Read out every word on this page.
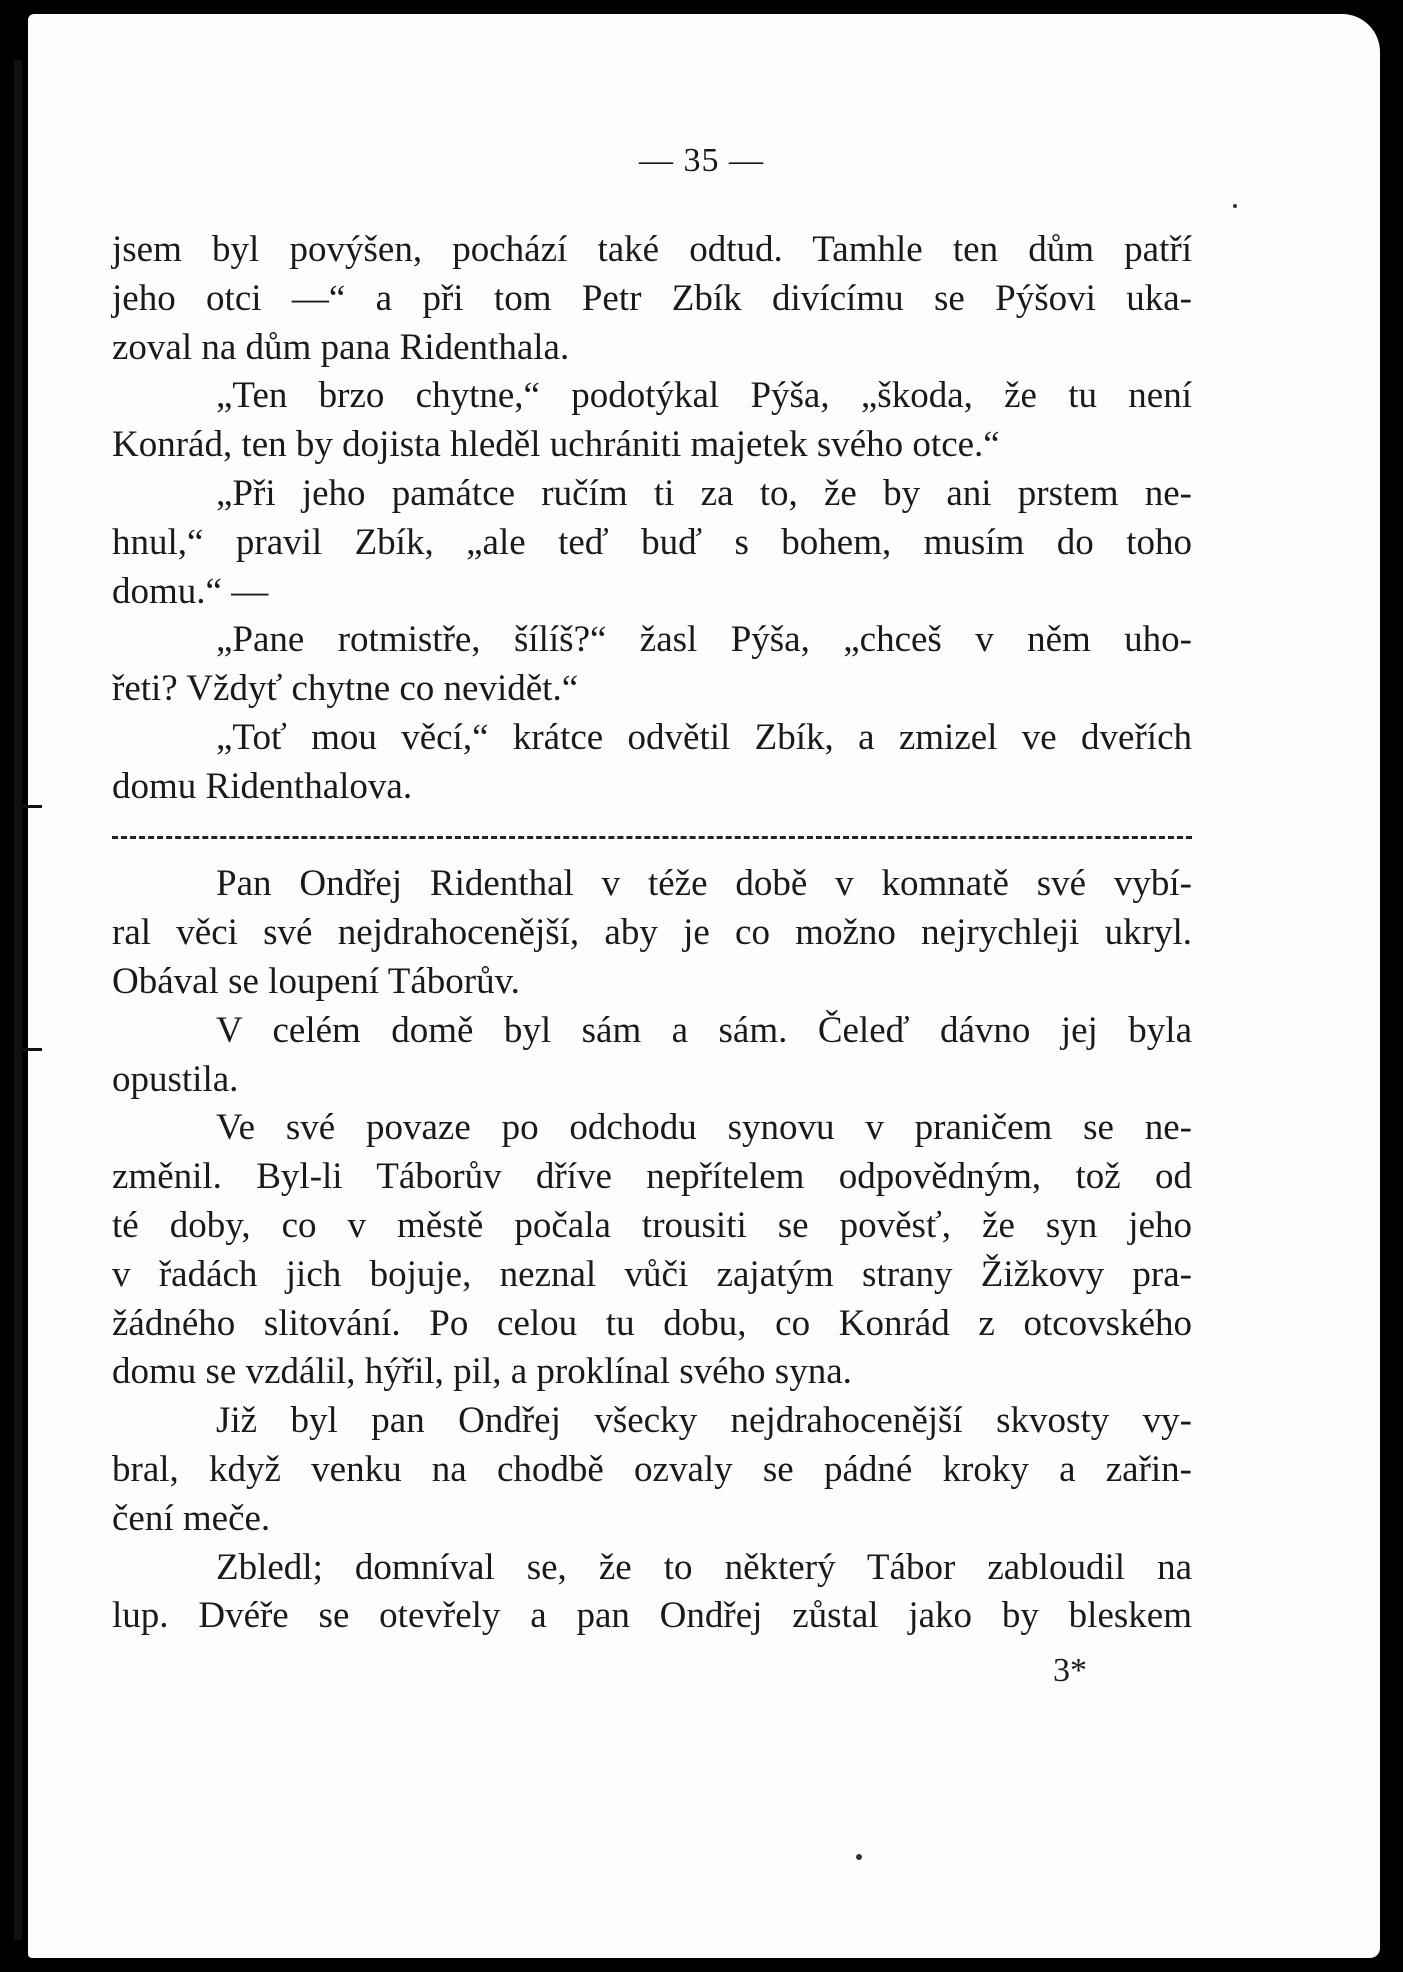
— 35 —
jsem byl povýšen, pochází také odtud. Tamhle ten dům patří
jeho otci —“ a při tom Petr Zbík divícímu se Pýšovi uka-
zoval na dům pana Ridenthala.
„Ten brzo chytne,“ podotýkal Pýša, „škoda, že tu není
Konrád, ten by dojista hleděl uchrániti majetek svého otce.“
„Při jeho památce ručím ti za to, že by ani prstem ne-
hnul,“ pravil Zbík, „ale teď buď s bohem, musím do toho
domu.“ —
„Pane rotmistře, šílíš?“ žasl Pýša, „chceš v něm uho-
řeti? Vždyť chytne co nevidět.“
„Toť mou věcí,“ krátce odvětil Zbík, a zmizel ve dveřích
domu Ridenthalova.
Pan Ondřej Ridenthal v téže době v komnatě své vybí-
ral věci své nejdrahocenější, aby je co možno nejrychleji ukryl.
Obával se loupení Táborův.
V celém domě byl sám a sám. Čeleď dávno jej byla
opustila.
Ve své povaze po odchodu synovu v praničem se ne-
změnil. Byl-li Táborův dříve nepřítelem odpovědným, tož od
té doby, co v městě počala trousiti se pověsť, že syn jeho
v řadách jich bojuje, neznal vůči zajatým strany Žižkovy pra-
žádného slitování. Po celou tu dobu, co Konrád z otcovského
domu se vzdálil, hýřil, pil, a proklínal svého syna.
Již byl pan Ondřej všecky nejdrahocenější skvosty vy-
bral, když venku na chodbě ozvaly se pádné kroky a zařin-
čení meče.
Zbledl; domníval se, že to některý Tábor zabloudil na
lup. Dvéře se otevřely a pan Ondřej zůstal jako by bleskem
3*
